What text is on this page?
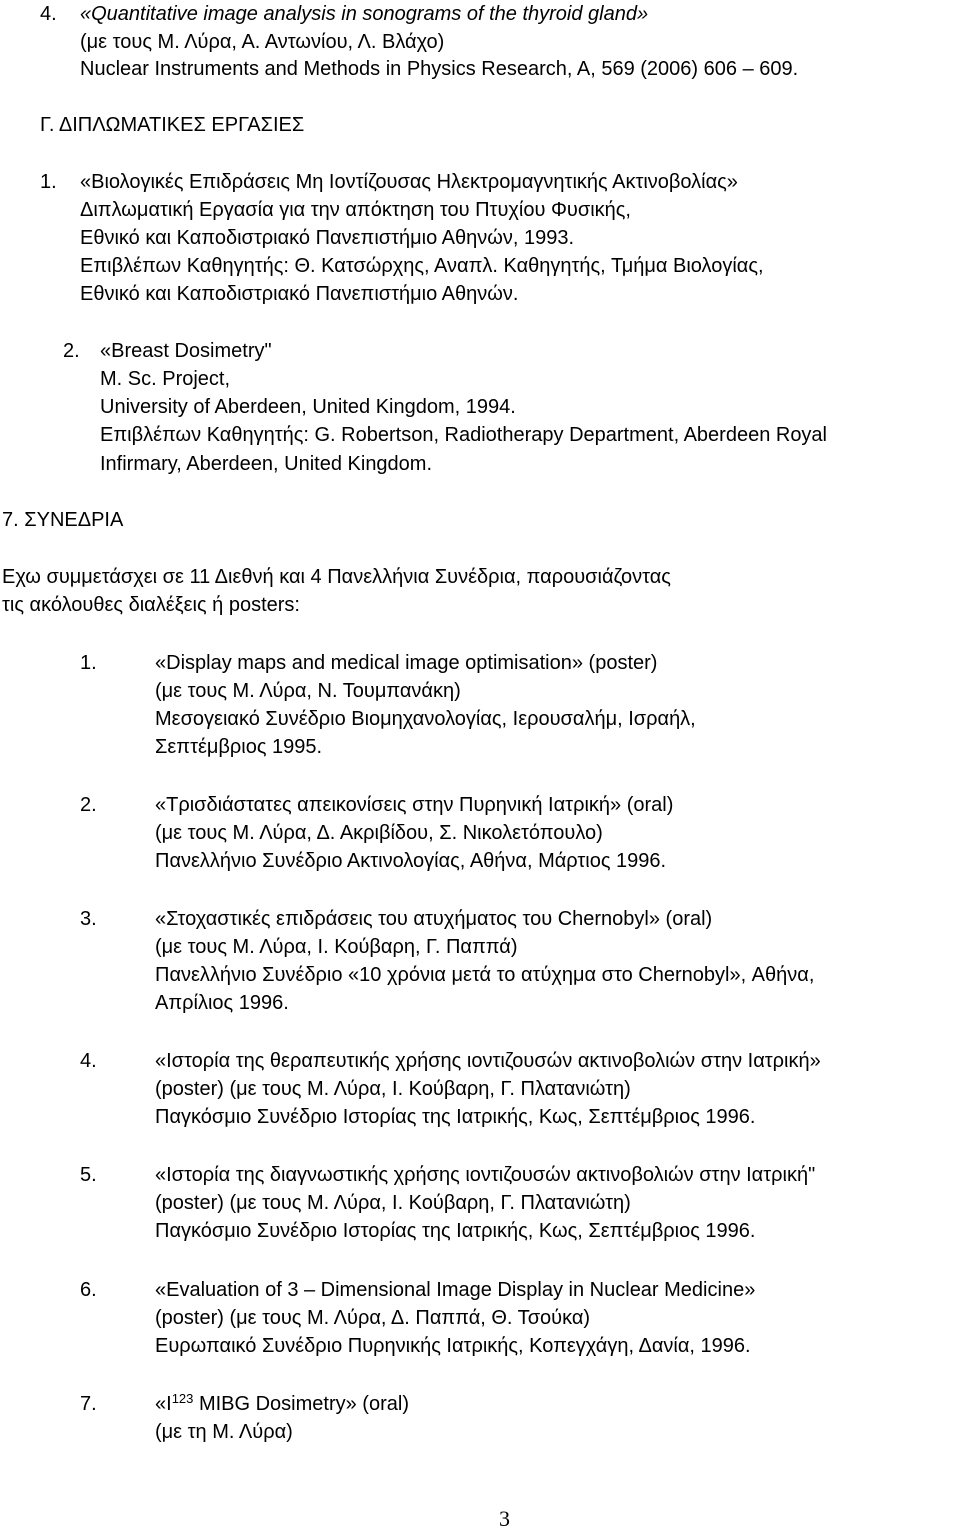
4. «Quantitative image analysis in sonograms of the thyroid gland»
(με τους Μ. Λύρα, Α. Αντωνίου, Λ. Βλάχο)
Nuclear Instruments and Methods in Physics Research, A, 569 (2006) 606 – 609.
Γ. ΔΙΠΛΩΜΑΤΙΚΕΣ ΕΡΓΑΣΙΕΣ
1. «Βιολογικές Επιδράσεις Μη Ιοντίζουσας Ηλεκτρομαγνητικής Ακτινοβολίας»
Διπλωματική Εργασία για την απόκτηση του Πτυχίου Φυσικής,
Εθνικό και Καποδιστριακό Πανεπιστήμιο Αθηνών, 1993.
Επιβλέπων Καθηγητής: Θ. Κατσώρχης, Αναπλ. Καθηγητής, Τμήμα Βιολογίας,
Εθνικό και Καποδιστριακό Πανεπιστήμιο Αθηνών.
2. «Breast Dosimetry"
M. Sc. Project,
University of Aberdeen, United Kingdom, 1994.
Επιβλέπων Καθηγητής: G. Robertson, Radiotherapy Department, Aberdeen Royal
Infirmary, Aberdeen, United Kingdom.
7. ΣΥΝΕΔΡΙΑ
Εχω συμμετάσχει σε 11 Διεθνή και 4 Πανελλήνια Συνέδρια, παρουσιάζοντας
τις ακόλουθες διαλέξεις ή posters:
1.	«Display maps and medical image optimisation» (poster)
(με τους Μ. Λύρα, Ν. Τουμπανάκη)
Μεσογειακό Συνέδριο Βιομηχανολογίας, Ιερουσαλήμ, Ισραήλ,
Σεπτέμβριος 1995.
2.	«Τρισδιάστατες απεικονίσεις στην Πυρηνική Ιατρική» (oral)
(με τους Μ. Λύρα, Δ. Ακριβίδου, Σ. Νικολετόπουλο)
Πανελλήνιο Συνέδριο Ακτινολογίας, Αθήνα, Μάρτιος 1996.
3.	«Στοχαστικές επιδράσεις του ατυχήματος του Chernobyl» (oral)
(με τους Μ. Λύρα, Ι. Κούβαρη, Γ. Παππά)
Πανελλήνιο Συνέδριο «10 χρόνια μετά το ατύχημα στο Chernobyl», Αθήνα,
Απρίλιος 1996.
4.	«Ιστορία της θεραπευτικής χρήσης ιοντιζουσών ακτινοβολιών στην Ιατρική»
(poster) (με τους Μ. Λύρα, Ι. Κούβαρη, Γ. Πλατανιώτη)
Παγκόσμιο Συνέδριο Ιστορίας της Ιατρικής, Κως, Σεπτέμβριος 1996.
5.	«Ιστορία της διαγνωστικής χρήσης ιοντιζουσών ακτινοβολιών στην Ιατρική"
(poster) (με τους Μ. Λύρα, Ι. Κούβαρη, Γ. Πλατανιώτη)
Παγκόσμιο Συνέδριο Ιστορίας της Ιατρικής, Κως, Σεπτέμβριος 1996.
6.	«Evaluation of 3 – Dimensional Image Display in Nuclear Medicine»
(poster) (με τους Μ. Λύρα, Δ. Παππά, Θ. Τσούκα)
Ευρωπαικό Συνέδριο Πυρηνικής Ιατρικής, Κοπεγχάγη, Δανία, 1996.
7.	«$I^{123}$ MIBG Dosimetry» (oral)
(με τη Μ. Λύρα)
3
